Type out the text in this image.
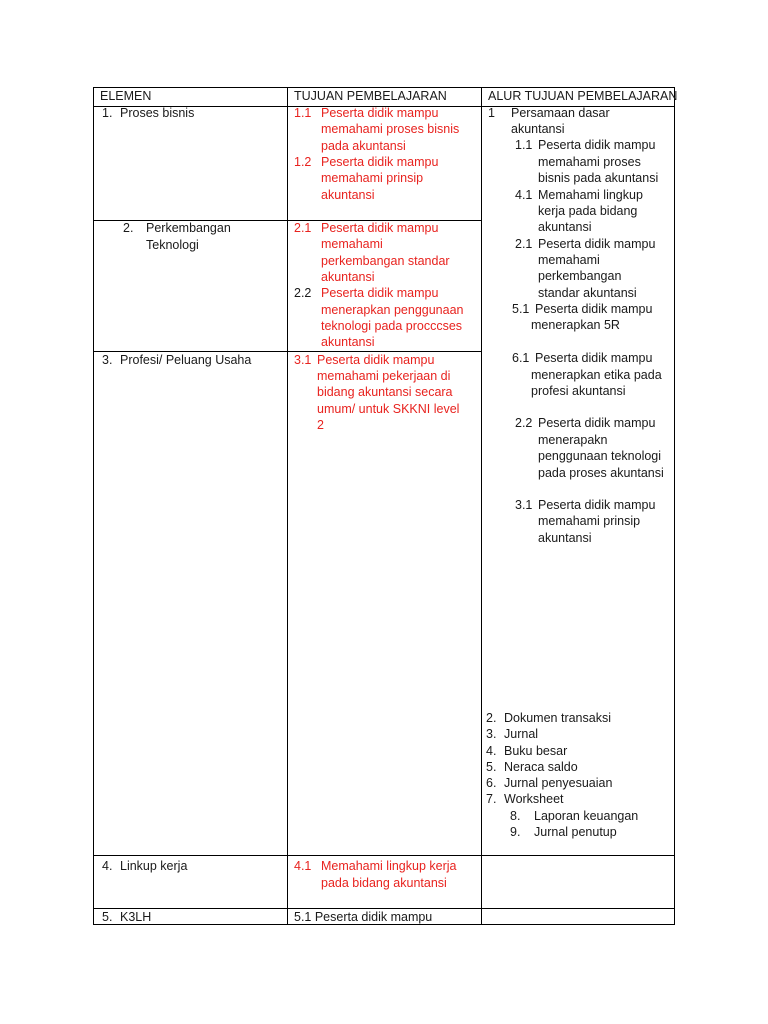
ELEMEN	TUJUAN PEMBELAJARAN	ALUR TUJUAN PEMBELAJARAN
1. Proses bisnis
2. Perkembangan
Teknologi
3. Profesi/ Peluang Usaha
4. Linkup kerja
5. K3LH
1.1 Peserta didik mampu
memahami proses bisnis
pada akuntansi
1.2 Peserta didik mampu
memahami prinsip
akuntansi
2.1 Peserta didik mampu
memahami
perkembangan standar
akuntansi
2.2 Peserta didik mampu
menerapkan penggunaan
teknologi pada procccses
akuntansi
3.1 Peserta didik mampu
memahami pekerjaan di
bidang akuntansi secara
umum/ untuk SKKNI level
2
4.1 Memahami lingkup kerja
pada bidang akuntansi
5.1 Peserta didik mampu
1 Persamaan dasar
akuntansi
1.1 Peserta didik mampu
memahami proses
bisnis pada akuntansi
4.1 Memahami lingkup
kerja pada bidang
akuntansi
2.1 Peserta didik mampu
memahami
perkembangan
standar akuntansi
5.1 Peserta didik mampu
menerapkan 5R
6.1 Peserta didik mampu
menerapkan etika pada
profesi akuntansi
2.2 Peserta didik mampu
menerapakn
penggunaan teknologi
pada proses akuntansi
3.1 Peserta didik mampu
memahami prinsip
akuntansi
2. Dokumen transaksi
3. Jurnal
4. Buku besar
5. Neraca saldo
6. Jurnal penyesuaian
7. Worksheet
8. Laporan keuangan
9. Jurnal penutup
